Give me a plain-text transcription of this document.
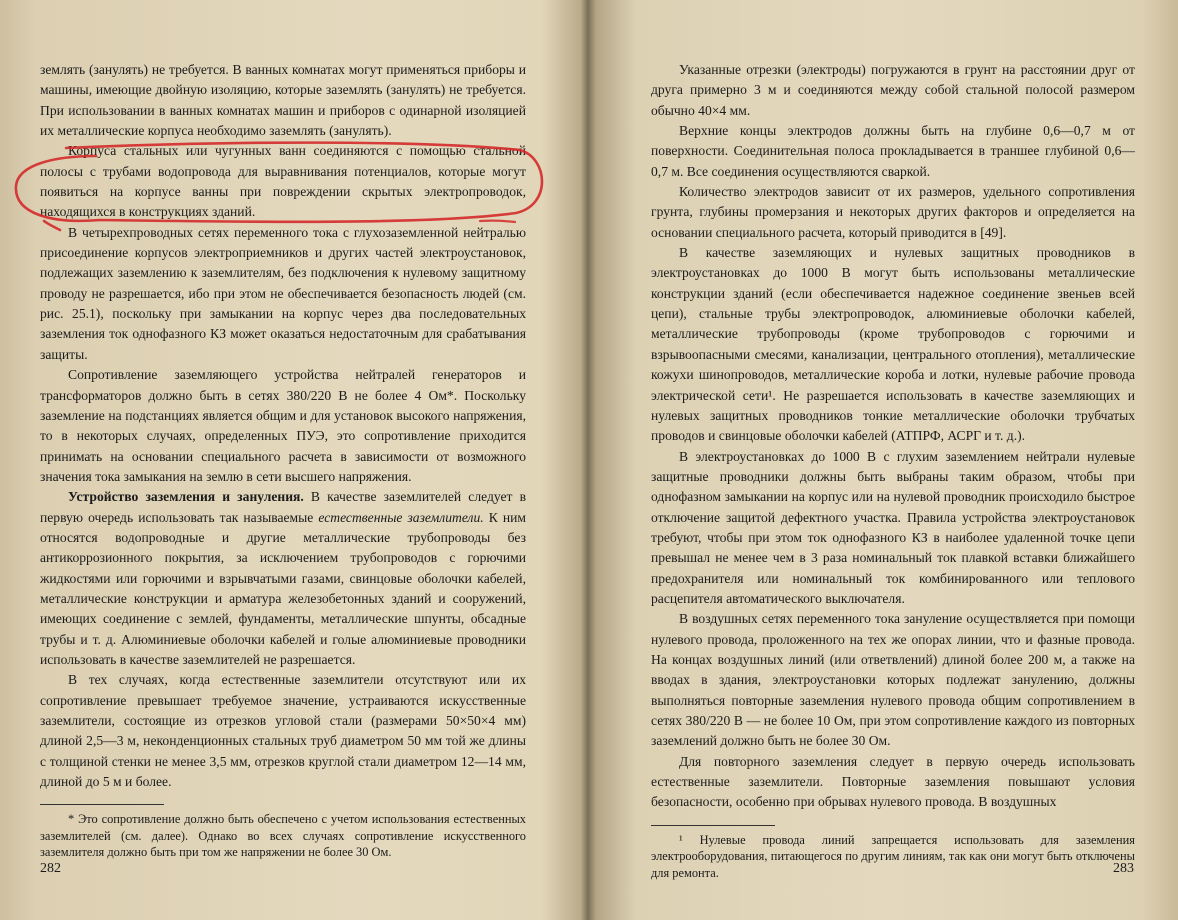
землять (занулять) не требуется. В ванных комнатах могут применяться приборы и машины, имеющие двойную изоляцию, которые заземлять (занулять) не требуется. При использовании в ванных комнатах машин и приборов с одинарной изоляцией их металлические корпуса необходимо заземлять (занулять).

Корпуса стальных или чугунных ванн соединяются с помощью стальной полосы с трубами водопровода для выравнивания потенциалов, которые могут появиться на корпусе ванны при повреждении скрытых электропроводок, находящихся в конструкциях зданий.

В четырехпроводных сетях переменного тока с глухозаземленной нейтралью присоединение корпусов электроприемников и других частей электроустановок, подлежащих заземлению к заземлителям, без подключения к нулевому защитному проводу не разрешается, ибо при этом не обеспечивается безопасность людей (см. рис. 25.1), поскольку при замыкании на корпус через два последовательных заземления ток однофазного КЗ может оказаться недостаточным для срабатывания защиты.

Сопротивление заземляющего устройства нейтралей генераторов и трансформаторов должно быть в сетях 380/220 В не более 4 Ом*. Поскольку заземление на подстанциях является общим и для установок высокого напряжения, то в некоторых случаях, определенных ПУЭ, это сопротивление приходится принимать на основании специального расчета в зависимости от возможного значения тока замыкания на землю в сети высшего напряжения.

Устройство заземления и зануления. В качестве заземлителей следует в первую очередь использовать так называемые естественные заземлители. К ним относятся водопроводные и другие металлические трубопроводы без антикоррозионного покрытия, за исключением трубопроводов с горючими жидкостями или горючими и взрывчатыми газами, свинцовые оболочки кабелей, металлические конструкции и арматура железобетонных зданий и сооружений, имеющих соединение с землей, фундаменты, металлические шпунты, обсадные трубы и т. д. Алюминиевые оболочки кабелей и голые алюминиевые проводники использовать в качестве заземлителей не разрешается.

В тех случаях, когда естественные заземлители отсутствуют или их сопротивление превышает требуемое значение, устраиваются искусственные заземлители, состоящие из отрезков угловой стали (размерами 50×50×4 мм) длиной 2,5—3 м, неконденционных стальных труб диаметром 50 мм той же длины с толщиной стенки не менее 3,5 мм, отрезков круглой стали диаметром 12—14 мм, длиной до 5 м и более.

* Это сопротивление должно быть обеспечено с учетом использования естественных заземлителей (см. далее). Однако во всех случаях сопротивление искусственного заземлителя должно быть при том же напряжении не более 30 Ом.

282

Указанные отрезки (электроды) погружаются в грунт на расстоянии друг от друга примерно 3 м и соединяются между собой стальной полосой размером обычно 40×4 мм.

Верхние концы электродов должны быть на глубине 0,6—0,7 м от поверхности. Соединительная полоса прокладывается в траншее глубиной 0,6—0,7 м. Все соединения осуществляются сваркой.

Количество электродов зависит от их размеров, удельного сопротивления грунта, глубины промерзания и некоторых других факторов и определяется на основании специального расчета, который приводится в [49].

В качестве заземляющих и нулевых защитных проводников в электроустановках до 1000 В могут быть использованы металлические конструкции зданий (если обеспечивается надежное соединение звеньев всей цепи), стальные трубы электропроводок, алюминиевые оболочки кабелей, металлические трубопроводы (кроме трубопроводов с горючими и взрывоопасными смесями, канализации, центрального отопления), металлические кожухи шинопроводов, металлические короба и лотки, нулевые рабочие провода электрической сети¹. Не разрешается использовать в качестве заземляющих и нулевых защитных проводников тонкие металлические оболочки трубчатых проводов и свинцовые оболочки кабелей (АТПРФ, АСРГ и т. д.).

В электроустановках до 1000 В с глухим заземлением нейтрали нулевые защитные проводники должны быть выбраны таким образом, чтобы при однофазном замыкании на корпус или на нулевой проводник происходило быстрое отключение защитой дефектного участка. Правила устройства электроустановок требуют, чтобы при этом ток однофазного КЗ в наиболее удаленной точке цепи превышал не менее чем в 3 раза номинальный ток плавкой вставки ближайшего предохранителя или номинальный ток комбинированного или теплового расцепителя автоматического выключателя.

В воздушных сетях переменного тока зануление осуществляется при помощи нулевого провода, проложенного на тех же опорах линии, что и фазные провода. На концах воздушных линий (или ответвлений) длиной более 200 м, а также на вводах в здания, электроустановки которых подлежат занулению, должны выполняться повторные заземления нулевого провода общим сопротивлением в сетях 380/220 В — не более 10 Ом, при этом сопротивление каждого из повторных заземлений должно быть не более 30 Ом.

Для повторного заземления следует в первую очередь использовать естественные заземлители. Повторные заземления повышают условия безопасности, особенно при обрывах нулевого провода. В воздушных

¹ Нулевые провода линий запрещается использовать для заземления электрооборудования, питающегося по другим линиям, так как они могут быть отключены для ремонта.	283
